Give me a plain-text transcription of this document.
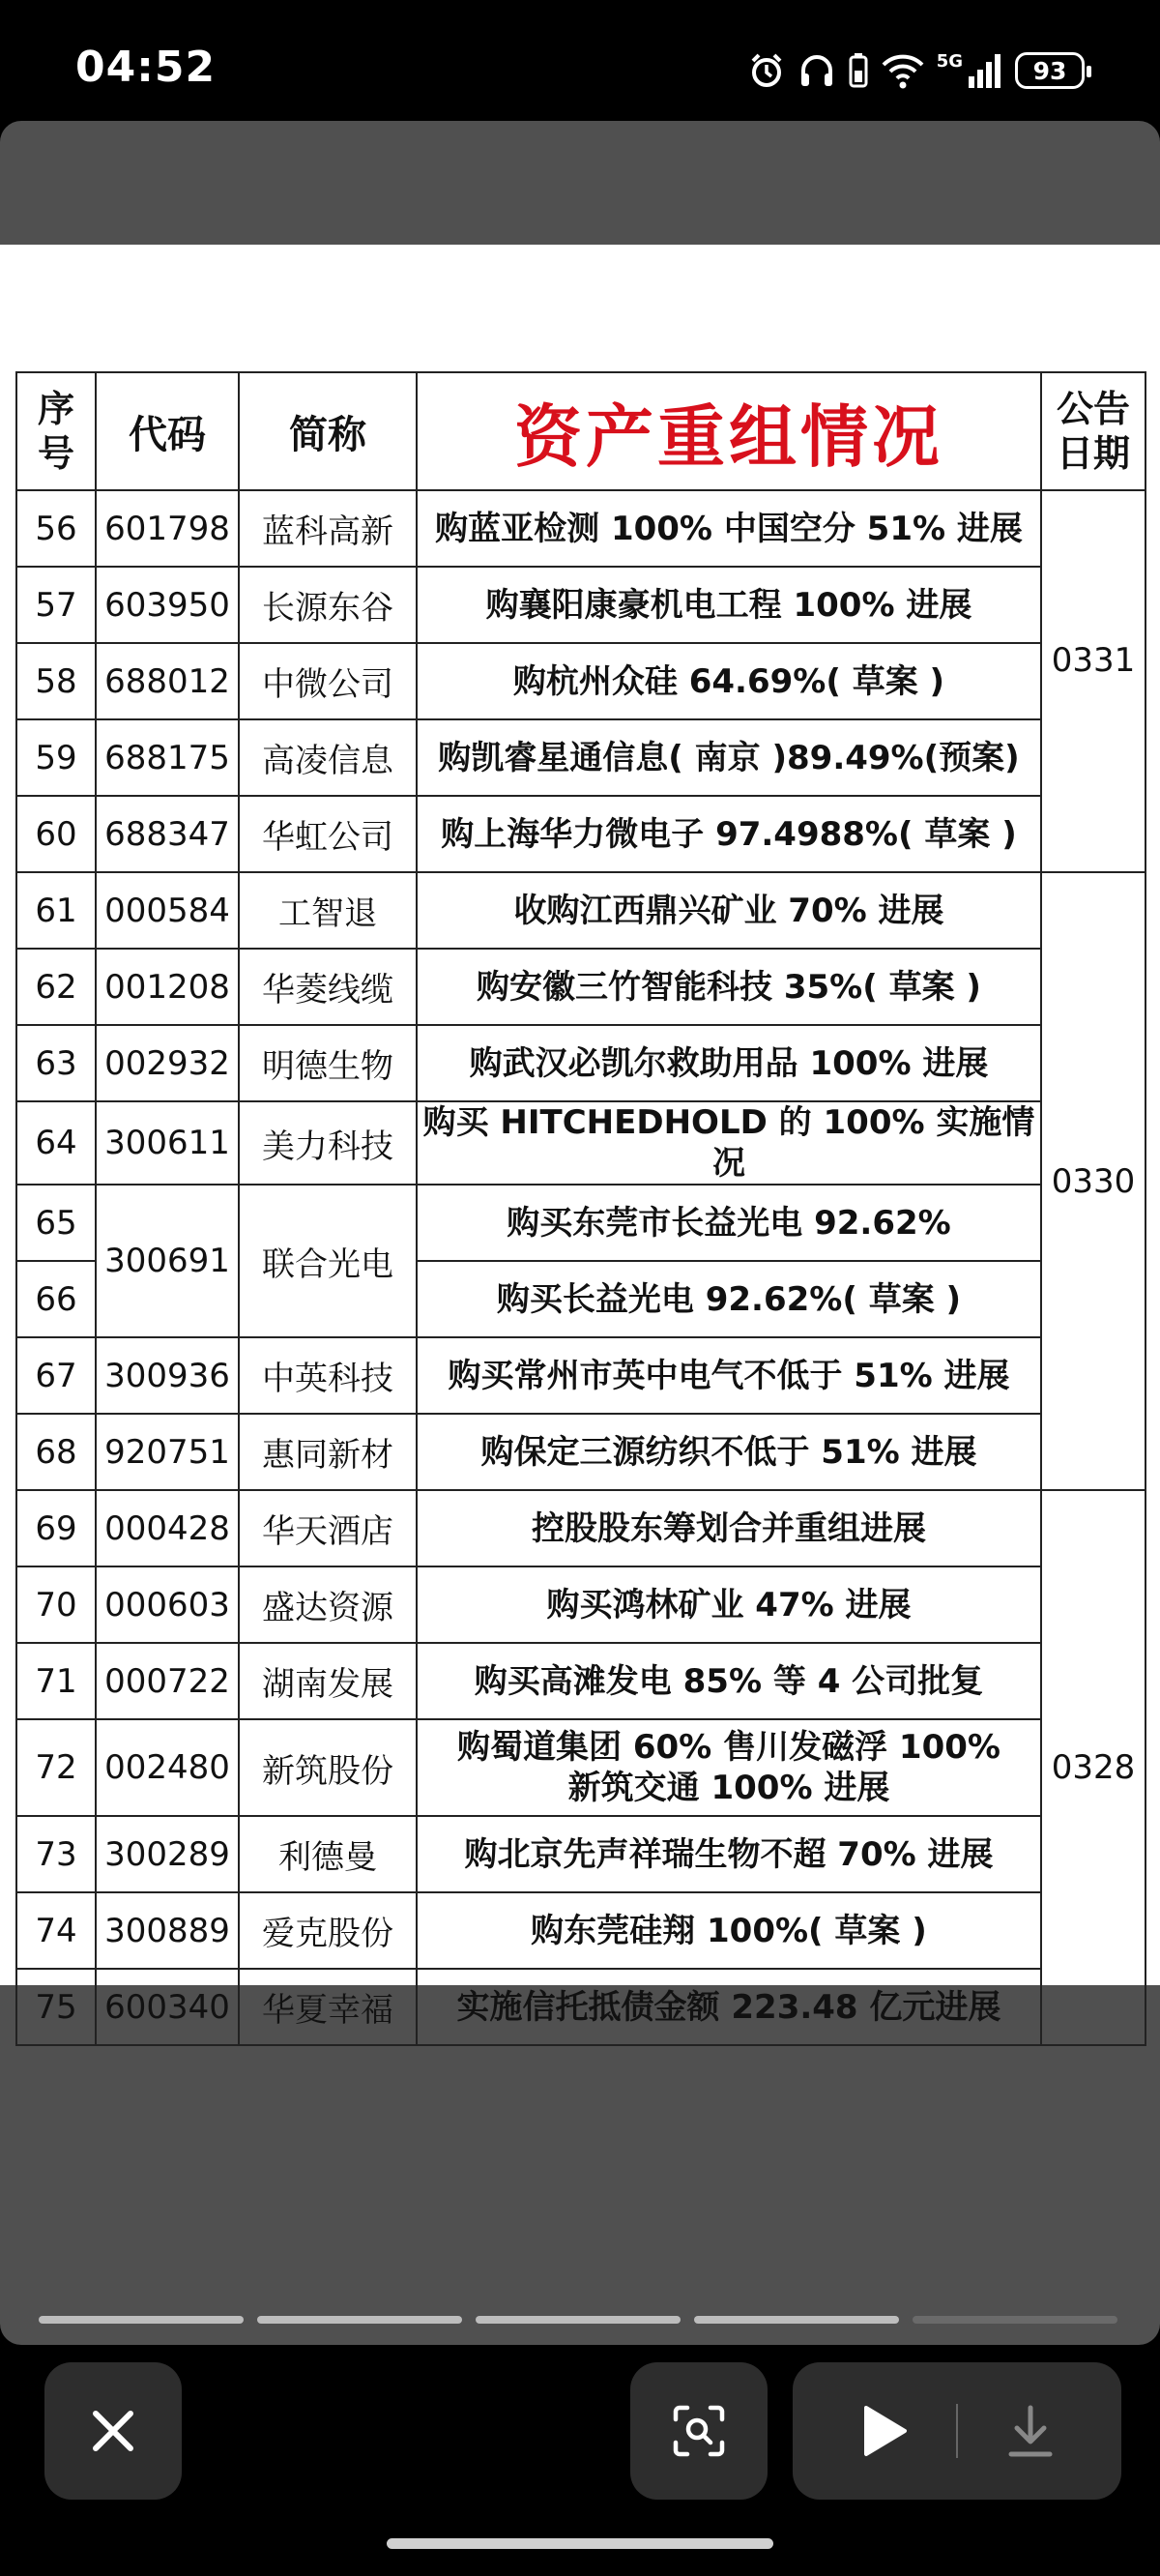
04:52	5G	93
序
号	代码	简称	资产重组情况	公告
日期
56	601798	蓝科高新	购蓝亚检测 100% 中国空分 51% 进展	0331
57	603950	长源东谷	购襄阳康豪机电工程 100% 进展	
58	688012	中微公司	购杭州众硅 64.69%( 草案 )	
59	688175	高凌信息	购凯睿星通信息( 南京 )89.49%(预案)	
60	688347	华虹公司	购上海华力微电子 97.4988%( 草案 )	
61	000584	工智退	收购江西鼎兴矿业 70% 进展	0330
62	001208	华菱线缆	购安徽三竹智能科技 35%( 草案 )	
63	002932	明德生物	购武汉必凯尔救助用品 100% 进展	
64	300611	美力科技	购买 HITCHEDHOLD 的 100% 实施情况	
65	300691	联合光电	购买东莞市长益光电 92.62%	
66			购买长益光电 92.62%( 草案 )	
67	300936	中英科技	购买常州市英中电气不低于 51% 进展	
68	920751	惠同新材	购保定三源纺织不低于 51% 进展	
69	000428	华天酒店	控股股东筹划合并重组进展	0328
70	000603	盛达资源	购买鸿林矿业 47% 进展	
71	000722	湖南发展	购买高滩发电 85% 等 4 公司批复	
72	002480	新筑股份	购蜀道集团 60% 售川发磁浮 100%
新筑交通 100% 进展	
73	300289	利德曼	购北京先声祥瑞生物不超 70% 进展	
74	300889	爱克股份	购东莞硅翔 100%( 草案 )	
75	600340	华夏幸福	实施信托抵债金额 223.48 亿元进展	
